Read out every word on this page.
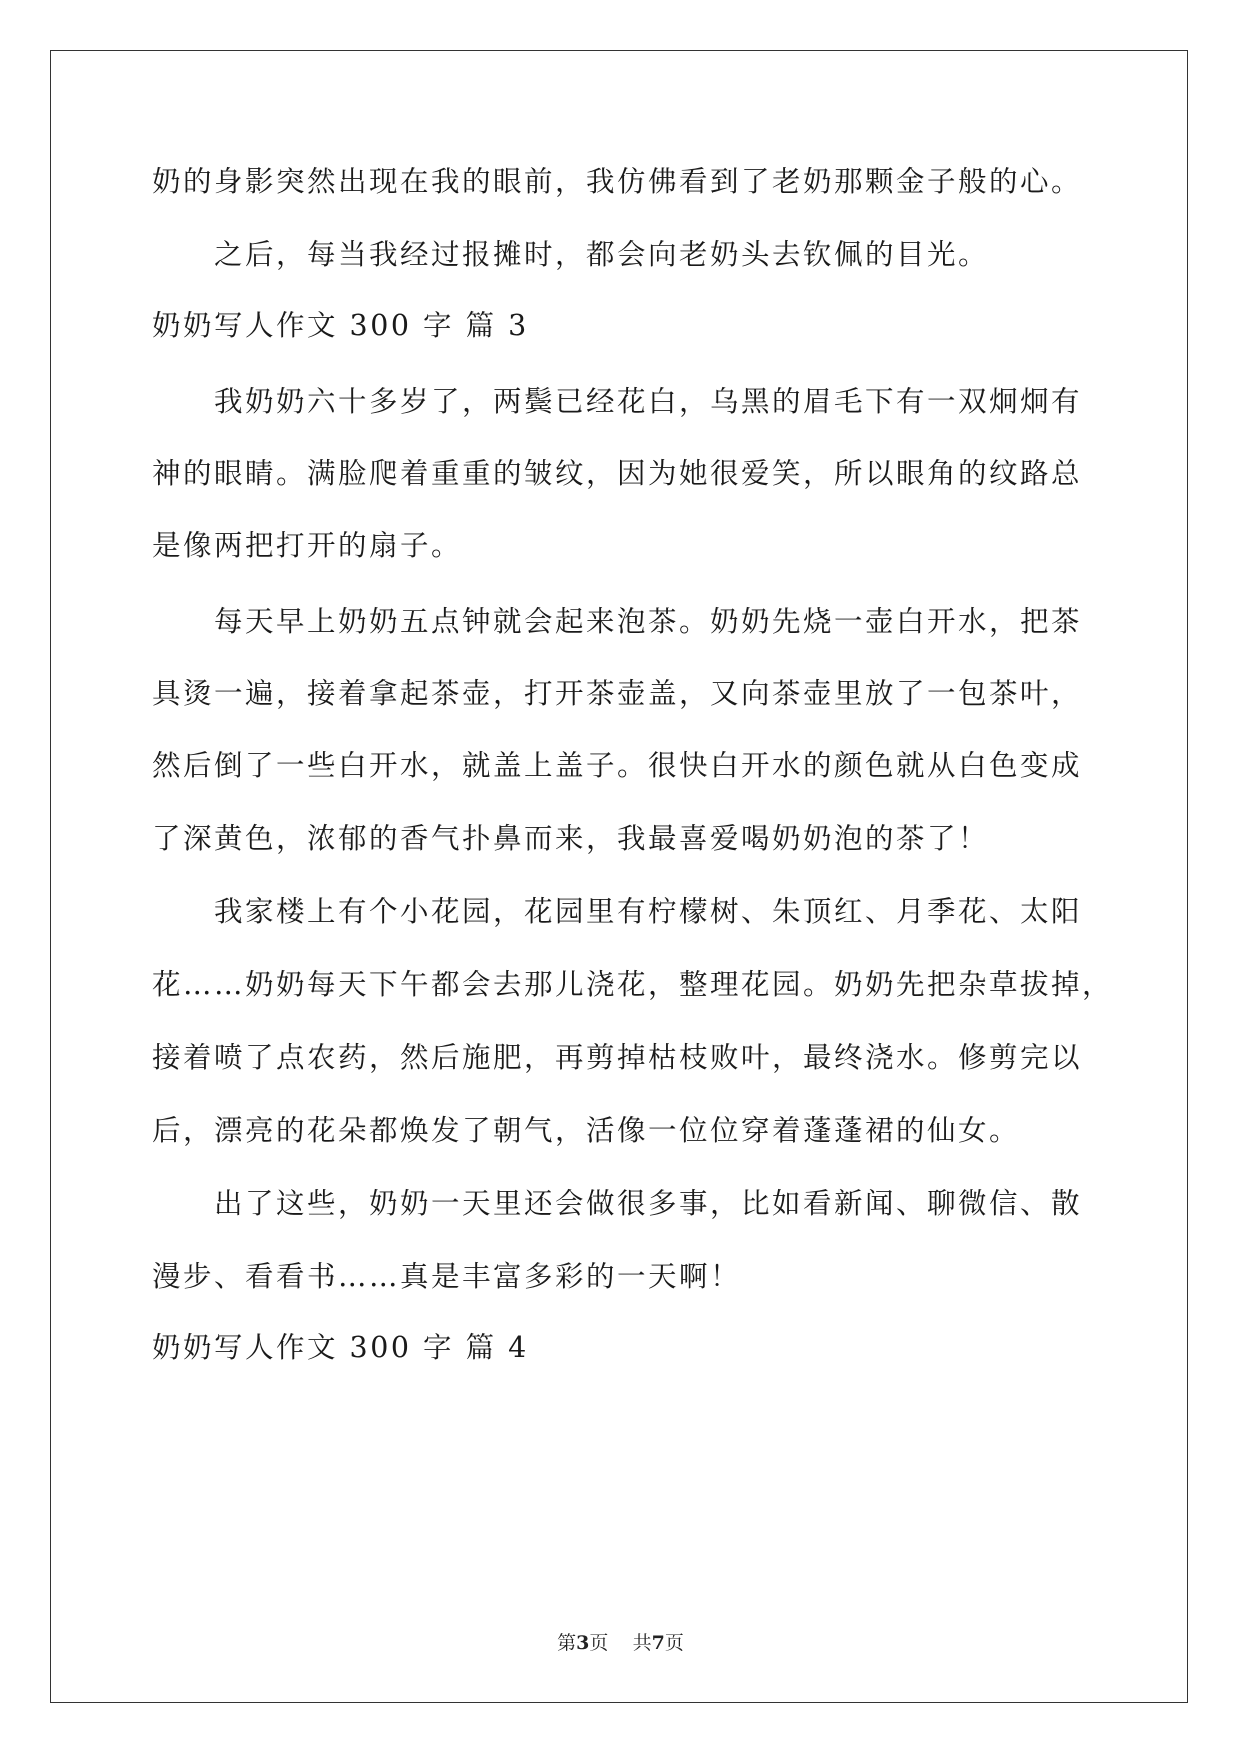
奶的身影突然出现在我的眼前，我仿佛看到了老奶那颗金子般的心。

之后，每当我经过报摊时，都会向老奶头去钦佩的目光。

奶奶写人作文 300 字 篇 3

我奶奶六十多岁了，两鬓已经花白，乌黑的眉毛下有一双炯炯有

神的眼睛。满脸爬着重重的皱纹，因为她很爱笑，所以眼角的纹路总

是像两把打开的扇子。

每天早上奶奶五点钟就会起来泡茶。奶奶先烧一壶白开水，把茶

具烫一遍，接着拿起茶壶，打开茶壶盖，又向茶壶里放了一包茶叶，

然后倒了一些白开水，就盖上盖子。很快白开水的颜色就从白色变成

了深黄色，浓郁的香气扑鼻而来，我最喜爱喝奶奶泡的茶了！

我家楼上有个小花园，花园里有柠檬树、朱顶红、月季花、太阳

花……奶奶每天下午都会去那儿浇花，整理花园。奶奶先把杂草拔掉，

接着喷了点农药，然后施肥，再剪掉枯枝败叶，最终浇水。修剪完以

后，漂亮的花朵都焕发了朝气，活像一位位穿着蓬蓬裙的仙女。

出了这些，奶奶一天里还会做很多事，比如看新闻、聊微信、散

漫步、看看书……真是丰富多彩的一天啊！

奶奶写人作文 300 字 篇 4

第3页 共7页
